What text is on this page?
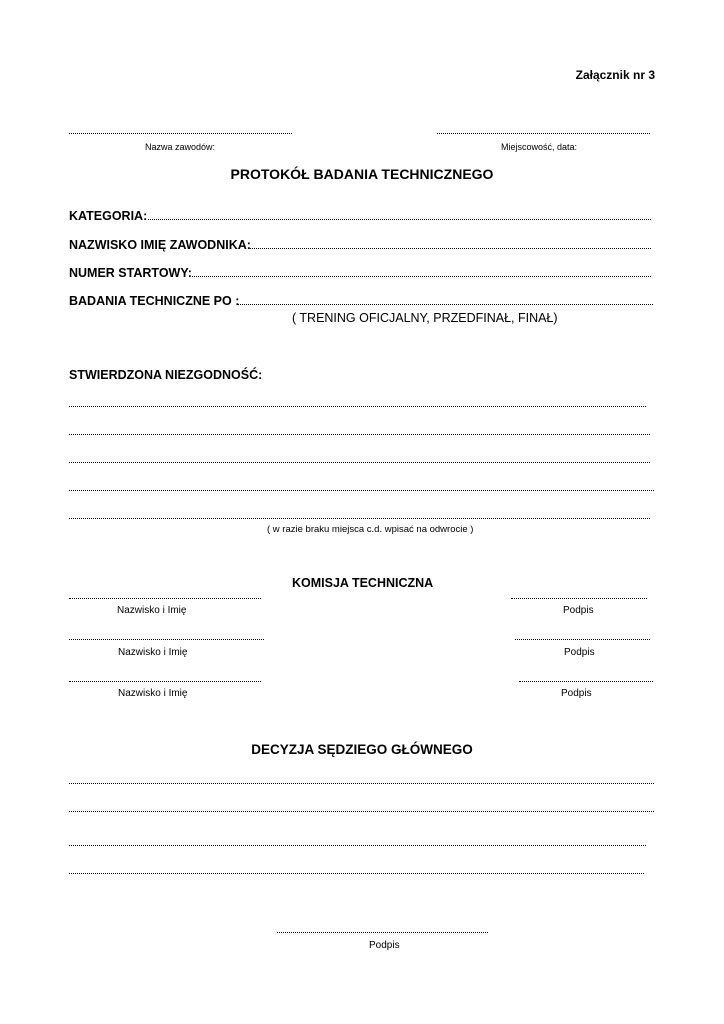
Załącznik nr 3
Nazwa zawodów:	Miejscowość, data:
PROTOKÓŁ BADANIA TECHNICZNEGO
KATEGORIA:
NAZWISKO IMIĘ ZAWODNIKA:
NUMER STARTOWY:
BADANIA TECHNICZNE PO :
( TRENING OFICJALNY, PRZEDFINAŁ, FINAŁ)
STWIERDZONA NIEZGODNOŚĆ:
( w razie braku miejsca c.d. wpisać na odwrocie )
KOMISJA TECHNICZNA
Nazwisko i Imię	Podpis
Nazwisko i Imię	Podpis
Nazwisko i Imię	Podpis
DECYZJA SĘDZIEGO GŁÓWNEGO
Podpis
